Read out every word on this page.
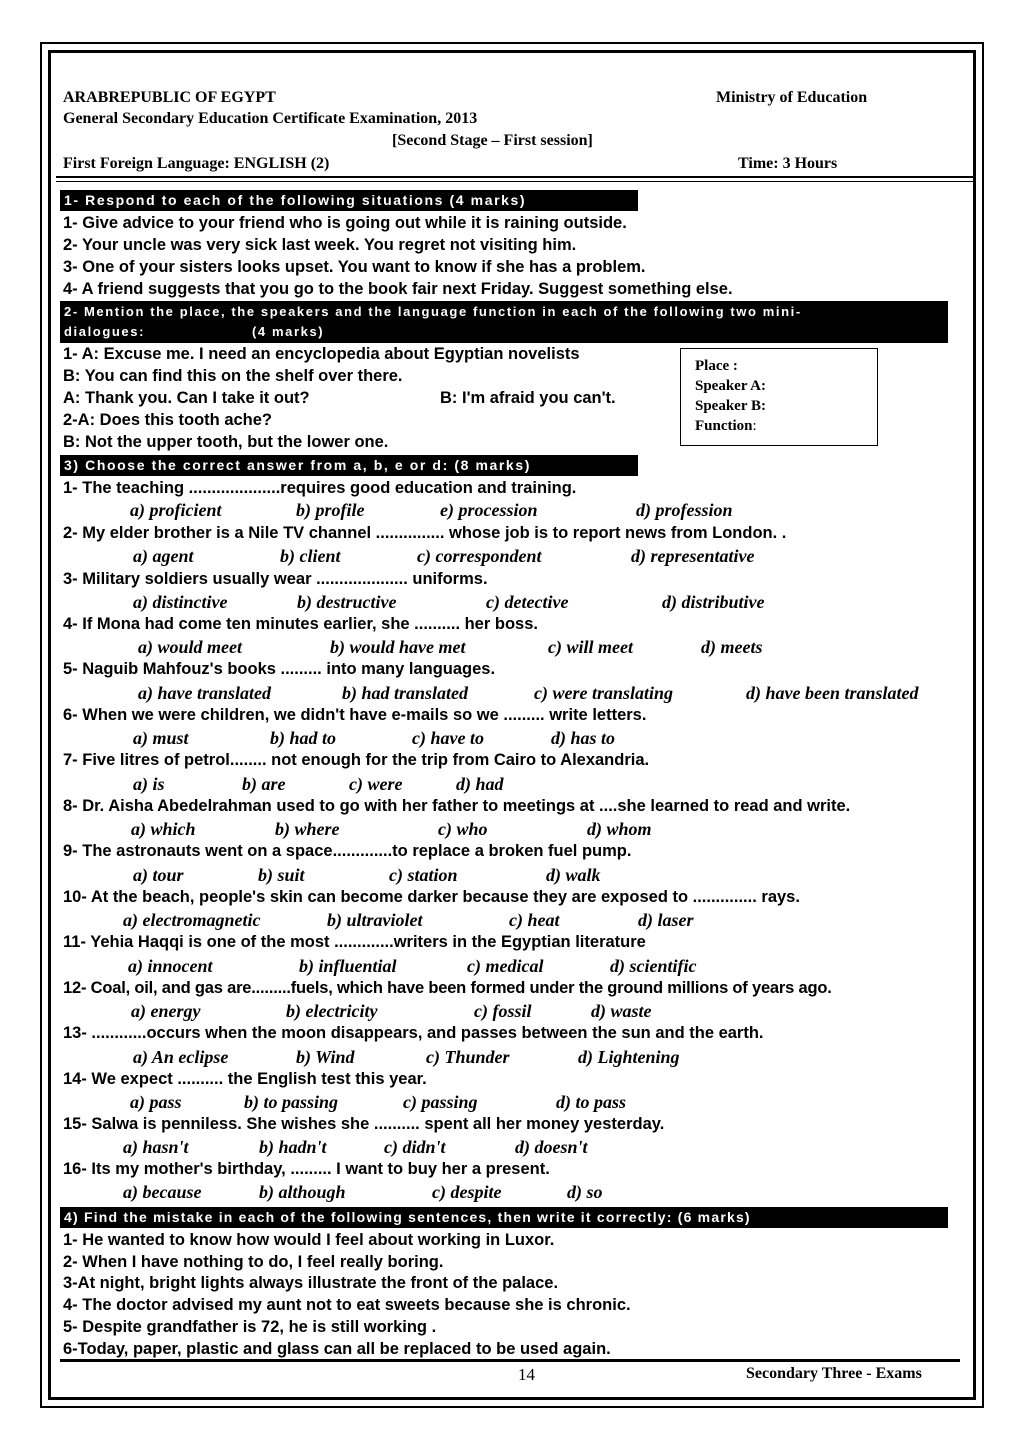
ARABREPUBLIC OF EGYPT	Ministry of Education
General Secondary Education Certificate Examination, 2013
[Second Stage – First session]
First Foreign Language: ENGLISH (2)	Time: 3 Hours
1- Respond to each of the following situations (4 marks)
1- Give advice to your friend who is going out while it is raining outside.
2- Your uncle was very sick last week. You regret not visiting him.
3- One of your sisters looks upset. You want to know if she has a problem.
4- A friend suggests that you go to the book fair next Friday. Suggest something else.
2- Mention the place, the speakers and the language function in each of the following two mini-
dialogues:	(4 marks)
1- A: Excuse me. I need an encyclopedia about Egyptian novelists
B: You can find this on the shelf over there.
A: Thank you. Can I take it out?	B: I'm afraid you can't.
2-A: Does this tooth ache?
B: Not the upper tooth, but the lower one.
Place :
Speaker A:
Speaker B:
Function:
3) Choose the correct answer from a, b, e or d: (8 marks)
1- The teaching ....................requires good education and training.
a) proficient	b) profile	e) procession	d) profession
2- My elder brother is a Nile TV channel ............... whose job is to report news from London. .
a) agent	b) client	c) correspondent	d) representative
3- Military soldiers usually wear .................... uniforms.
a) distinctive	b) destructive	c) detective	d) distributive
4- If Mona had come ten minutes earlier, she .......... her boss.
a) would meet	b) would have met	c) will meet	d) meets
5- Naguib Mahfouz's books ......... into many languages.
a) have translated	b) had translated	c) were translating	d) have been translated
6- When we were children, we didn't have e-mails so we ......... write letters.
a) must	b) had to	c) have to	d) has to
7- Five litres of petrol........ not enough for the trip from Cairo to Alexandria.
a) is	b) are	c) were	d) had
8- Dr. Aisha Abedelrahman used to go with her father to meetings at ....she learned to read and write.
a) which	b) where	c) who	d) whom
9- The astronauts went on a space.............to replace a broken fuel pump.
a) tour	b) suit	c) station	d) walk
10- At the beach, people's skin can become darker because they are exposed to .............. rays.
a) electromagnetic	b) ultraviolet	c) heat	d) laser
11- Yehia Haqqi is one of the most .............writers in the Egyptian literature
a) innocent	b) influential	c) medical	d) scientific
12- Coal, oil, and gas are.........fuels, which have been formed under the ground millions of years ago.
a) energy	b) electricity	c) fossil	d) waste
13- ............occurs when the moon disappears, and passes between the sun and the earth.
a) An eclipse	b) Wind	c) Thunder	d) Lightening
14- We expect .......... the English test this year.
a) pass	b) to passing	c) passing	d) to pass
15- Salwa is penniless. She wishes she .......... spent all her money yesterday.
a) hasn't	b) hadn't	c) didn't	d) doesn't
16- Its my mother's birthday, ......... I want to buy her a present.
a) because	b) although	c) despite	d) so
4) Find the mistake in each of the following sentences, then write it correctly: (6 marks)
1- He wanted to know how would I feel about working in Luxor.
2- When I have nothing to do, I feel really boring.
3-At night, bright lights always illustrate the front of the palace.
4- The doctor advised my aunt not to eat sweets because she is chronic.
5- Despite grandfather is 72, he is still working .
6-Today, paper, plastic and glass can all be replaced to be used again.
14	Secondary Three - Exams
